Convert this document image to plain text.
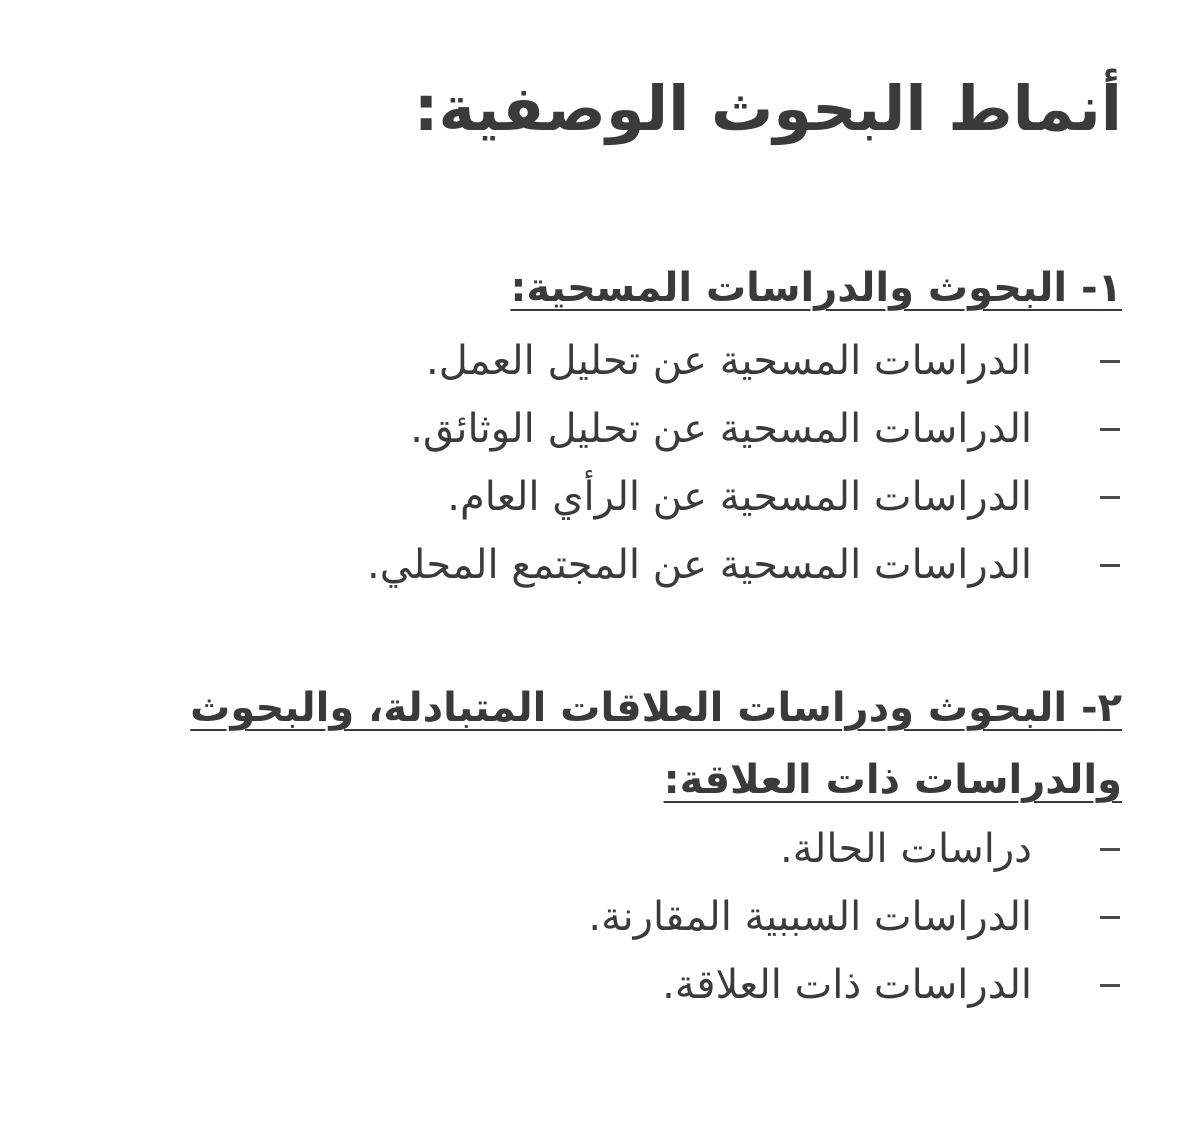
أنماط البحوث الوصفية:
١- البحوث والدراسات المسحية:
الدراسات المسحية عن تحليل العمل.
الدراسات المسحية عن تحليل الوثائق.
الدراسات المسحية عن الرأي العام.
الدراسات المسحية عن المجتمع المحلي.
٢- البحوث ودراسات العلاقات المتبادلة، والبحوث والدراسات ذات العلاقة:
دراسات الحالة.
الدراسات السببية المقارنة.
الدراسات ذات العلاقة.
